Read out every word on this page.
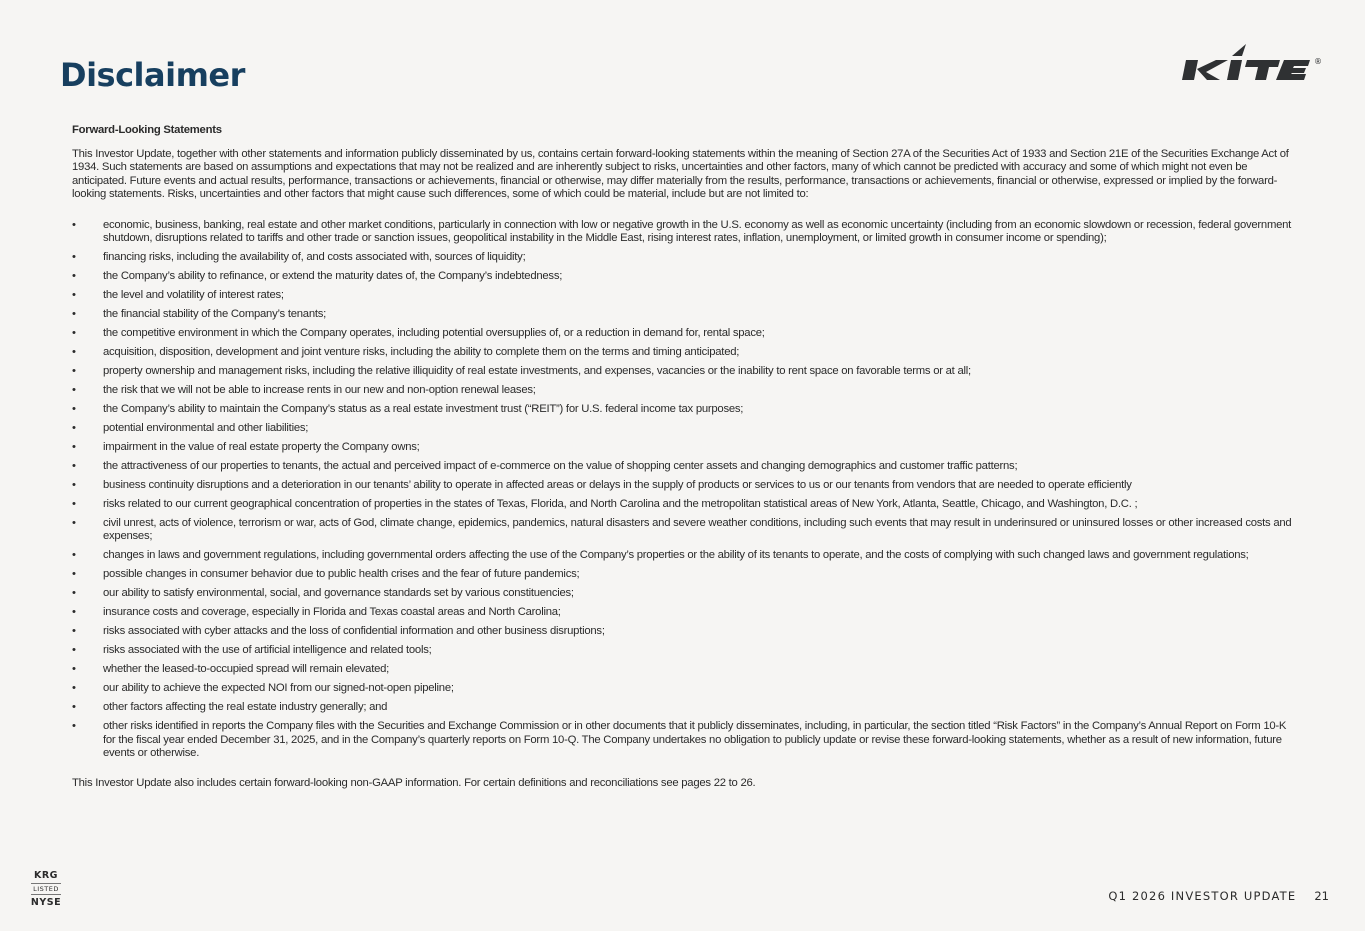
Disclaimer	®

Forward-Looking Statements

This Investor Update, together with other statements and information publicly disseminated by us, contains certain forward-looking statements within the meaning of Section 27A of the Securities Act of 1933 and Section 21E of the Securities Exchange Act of 1934. Such statements are based on assumptions and expectations that may not be realized and are inherently subject to risks, uncertainties and other factors, many of which cannot be predicted with accuracy and some of which might not even be anticipated. Future events and actual results, performance, transactions or achievements, financial or otherwise, may differ materially from the results, performance, transactions or achievements, financial or otherwise, expressed or implied by the forward-looking statements. Risks, uncertainties and other factors that might cause such differences, some of which could be material, include but are not limited to:

• economic, business, banking, real estate and other market conditions, particularly in connection with low or negative growth in the U.S. economy as well as economic uncertainty (including from an economic slowdown or recession, federal government shutdown, disruptions related to tariffs and other trade or sanction issues, geopolitical instability in the Middle East, rising interest rates, inflation, unemployment, or limited growth in consumer income or spending);
• financing risks, including the availability of, and costs associated with, sources of liquidity;
• the Company’s ability to refinance, or extend the maturity dates of, the Company’s indebtedness;
• the level and volatility of interest rates;
• the financial stability of the Company’s tenants;
• the competitive environment in which the Company operates, including potential oversupplies of, or a reduction in demand for, rental space;
• acquisition, disposition, development and joint venture risks, including the ability to complete them on the terms and timing anticipated;
• property ownership and management risks, including the relative illiquidity of real estate investments, and expenses, vacancies or the inability to rent space on favorable terms or at all;
• the risk that we will not be able to increase rents in our new and non-option renewal leases;
• the Company’s ability to maintain the Company’s status as a real estate investment trust (“REIT”) for U.S. federal income tax purposes;
• potential environmental and other liabilities;
• impairment in the value of real estate property the Company owns;
• the attractiveness of our properties to tenants, the actual and perceived impact of e-commerce on the value of shopping center assets and changing demographics and customer traffic patterns;
• business continuity disruptions and a deterioration in our tenants’ ability to operate in affected areas or delays in the supply of products or services to us or our tenants from vendors that are needed to operate efficiently
• risks related to our current geographical concentration of properties in the states of Texas, Florida, and North Carolina and the metropolitan statistical areas of New York, Atlanta, Seattle, Chicago, and Washington, D.C. ;
• civil unrest, acts of violence, terrorism or war, acts of God, climate change, epidemics, pandemics, natural disasters and severe weather conditions, including such events that may result in underinsured or uninsured losses or other increased costs and expenses;
• changes in laws and government regulations, including governmental orders affecting the use of the Company’s properties or the ability of its tenants to operate, and the costs of complying with such changed laws and government regulations;
• possible changes in consumer behavior due to public health crises and the fear of future pandemics;
• our ability to satisfy environmental, social, and governance standards set by various constituencies;
• insurance costs and coverage, especially in Florida and Texas coastal areas and North Carolina;
• risks associated with cyber attacks and the loss of confidential information and other business disruptions;
• risks associated with the use of artificial intelligence and related tools;
• whether the leased-to-occupied spread will remain elevated;
• our ability to achieve the expected NOI from our signed-not-open pipeline;
• other factors affecting the real estate industry generally; and
• other risks identified in reports the Company files with the Securities and Exchange Commission or in other documents that it publicly disseminates, including, in particular, the section titled “Risk Factors” in the Company’s Annual Report on Form 10-K for the fiscal year ended December 31, 2025, and in the Company’s quarterly reports on Form 10-Q. The Company undertakes no obligation to publicly update or revise these forward-looking statements, whether as a result of new information, future events or otherwise.

This Investor Update also includes certain forward-looking non-GAAP information. For certain definitions and reconciliations see pages 22 to 26.

KRG
LISTED
NYSE	Q1 2026 INVESTOR UPDATE 21
